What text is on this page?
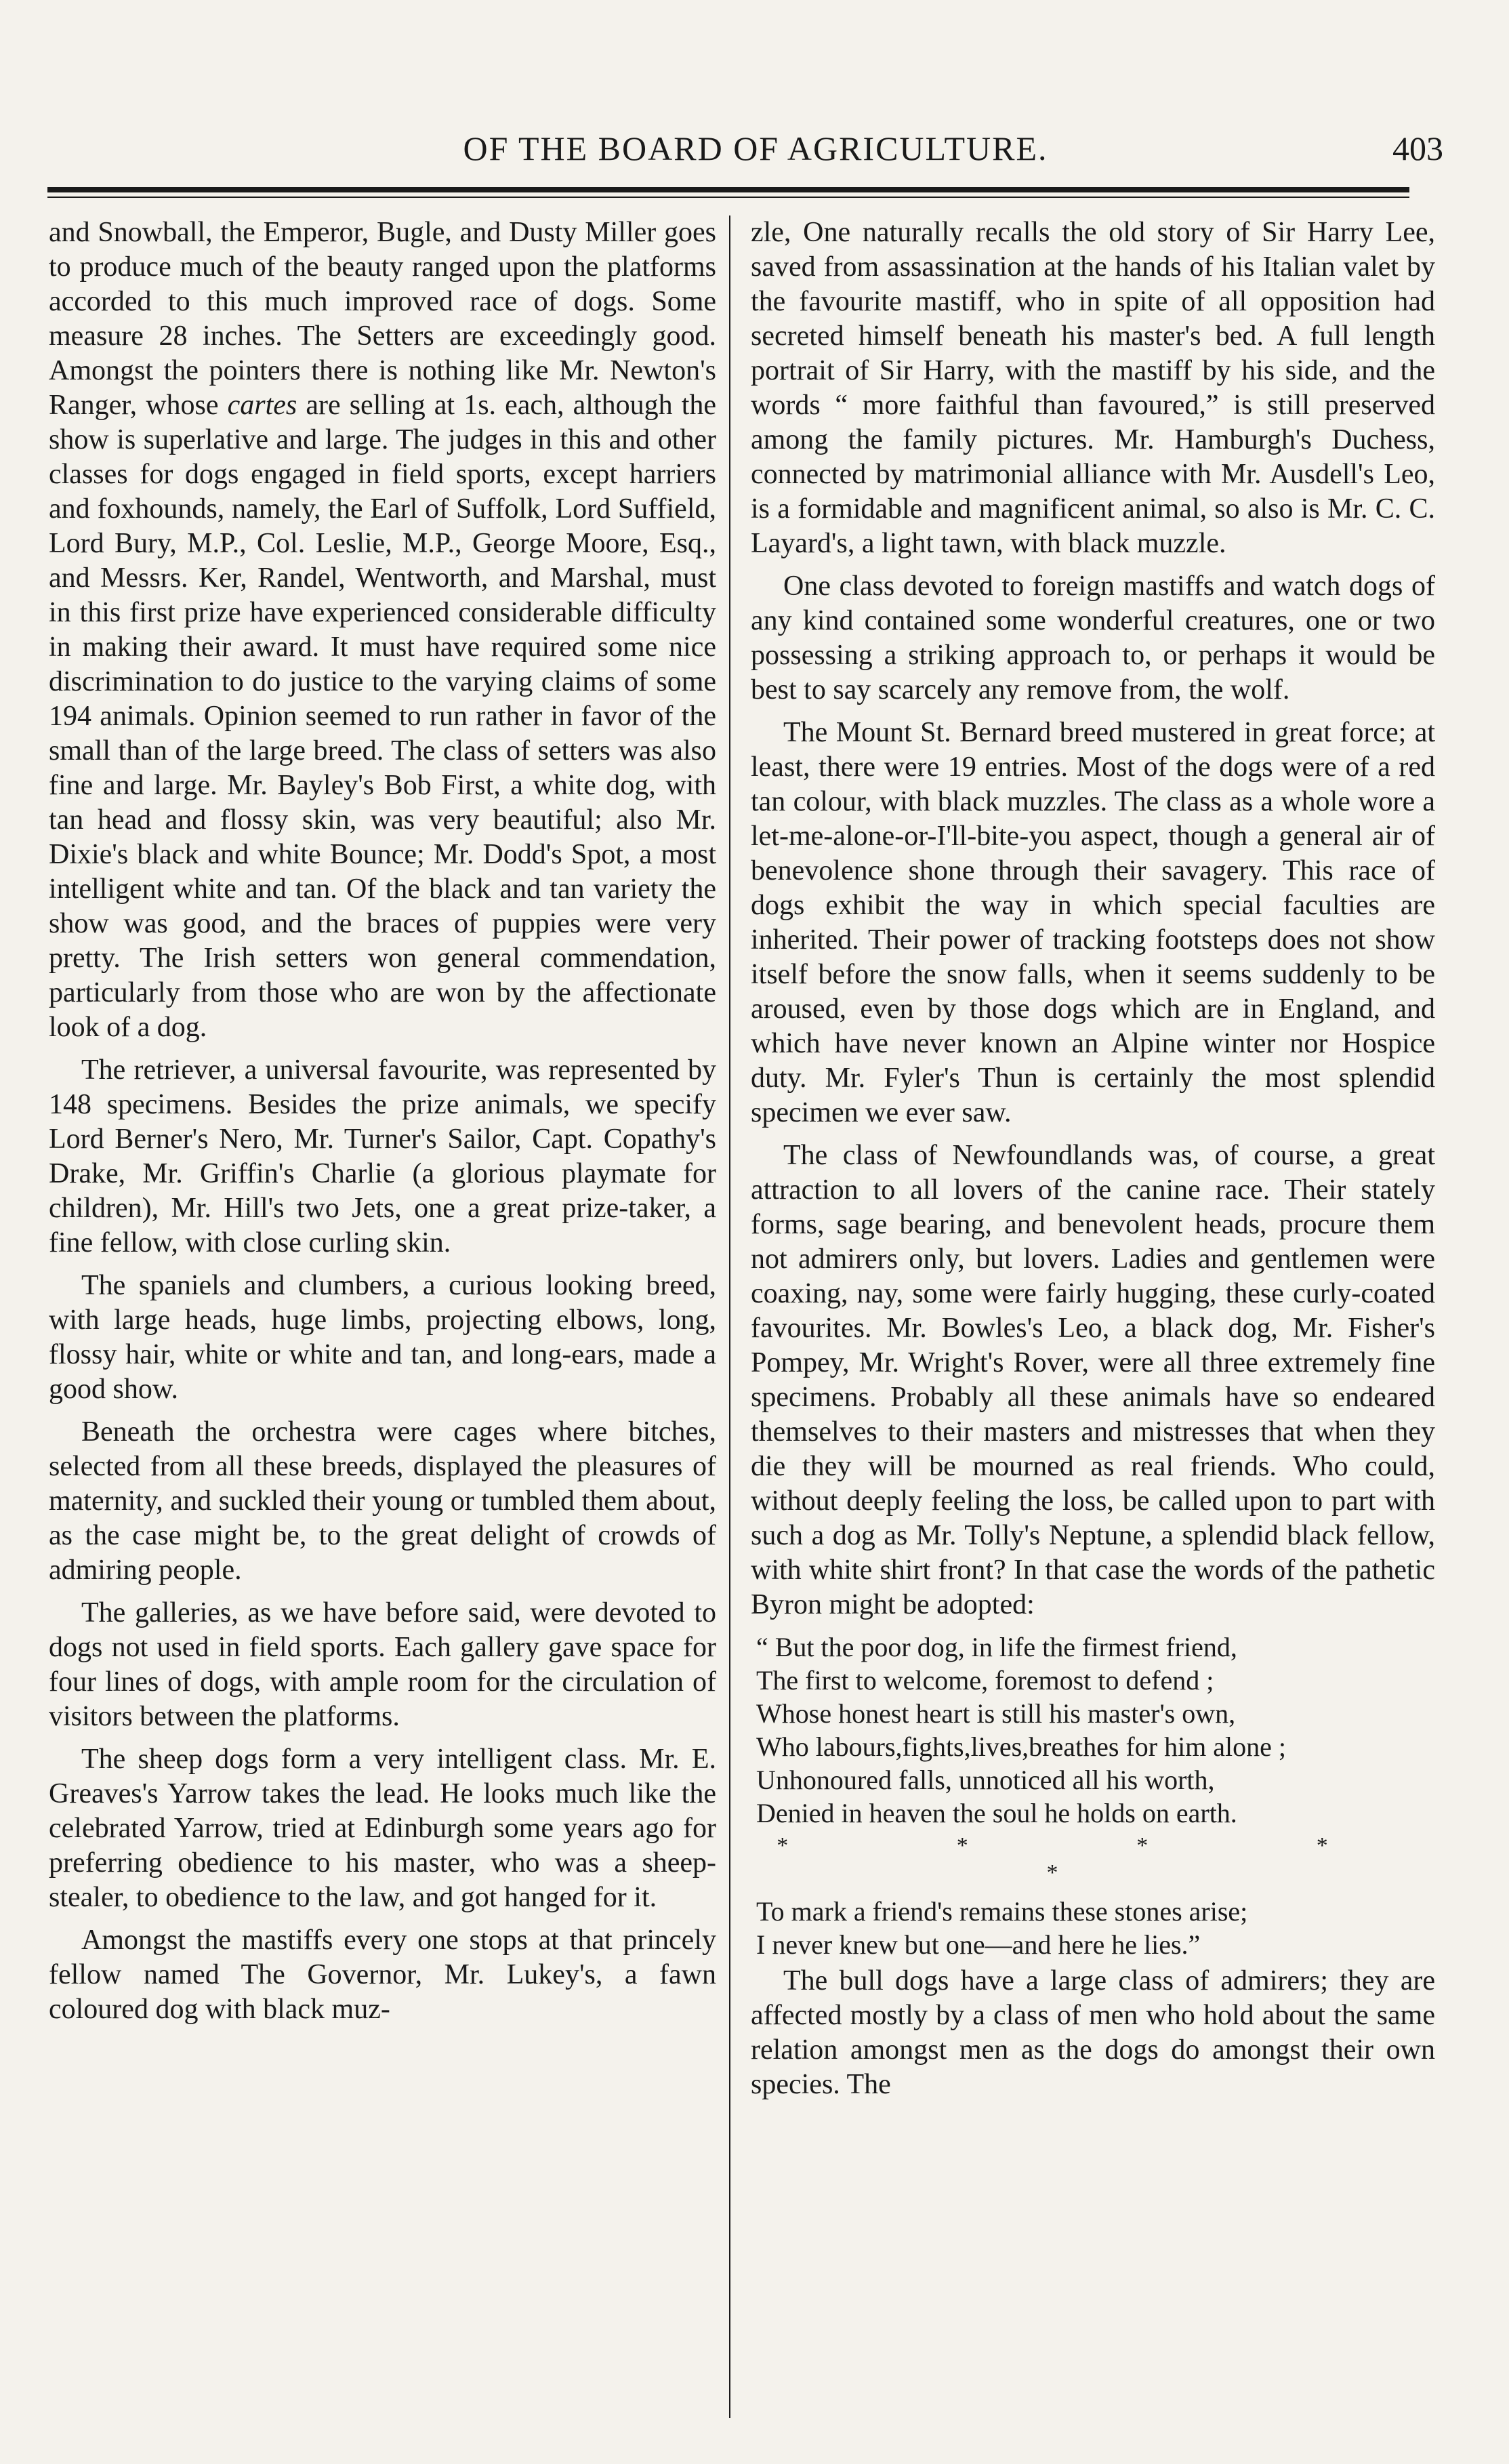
OF THE BOARD OF AGRICULTURE.	403

and Snowball, the Emperor, Bugle, and Dusty Miller goes to produce much of the beauty ranged upon the platforms accorded to this much improved race of dogs. Some measure 28 inches. The Setters are exceedingly good. Amongst the pointers there is nothing like Mr. Newton's Ranger, whose cartes are selling at 1s. each, although the show is superlative and large. The judges in this and other classes for dogs engaged in field sports, except harriers and foxhounds, namely, the Earl of Suffolk, Lord Suffield, Lord Bury, M.P., Col. Leslie, M.P., George Moore, Esq., and Messrs. Ker, Randel, Wentworth, and Marshal, must in this first prize have experienced considerable difficulty in making their award. It must have required some nice discrimination to do justice to the varying claims of some 194 animals. Opinion seemed to run rather in favor of the small than of the large breed. The class of setters was also fine and large. Mr. Bayley's Bob First, a white dog, with tan head and flossy skin, was very beautiful; also Mr. Dixie's black and white Bounce; Mr. Dodd's Spot, a most intelligent white and tan. Of the black and tan variety the show was good, and the braces of puppies were very pretty. The Irish setters won general commendation, particularly from those who are won by the affectionate look of a dog.

The retriever, a universal favourite, was represented by 148 specimens. Besides the prize animals, we specify Lord Berner's Nero, Mr. Turner's Sailor, Capt. Copathy's Drake, Mr. Griffin's Charlie (a glorious playmate for children), Mr. Hill's two Jets, one a great prize-taker, a fine fellow, with close curling skin.

The spaniels and clumbers, a curious looking breed, with large heads, huge limbs, projecting elbows, long, flossy hair, white or white and tan, and long-ears, made a good show.

Beneath the orchestra were cages where bitches, selected from all these breeds, displayed the pleasures of maternity, and suckled their young or tumbled them about, as the case might be, to the great delight of crowds of admiring people.

The galleries, as we have before said, were devoted to dogs not used in field sports. Each gallery gave space for four lines of dogs, with ample room for the circulation of visitors between the platforms.

The sheep dogs form a very intelligent class. Mr. E. Greaves's Yarrow takes the lead. He looks much like the celebrated Yarrow, tried at Edinburgh some years ago for preferring obedience to his master, who was a sheep-stealer, to obedience to the law, and got hanged for it.

Amongst the mastiffs every one stops at that princely fellow named The Governor, Mr. Lukey's, a fawn coloured dog with black muz-

zle, One naturally recalls the old story of Sir Harry Lee, saved from assassination at the hands of his Italian valet by the favourite mastiff, who in spite of all opposition had secreted himself beneath his master's bed. A full length portrait of Sir Harry, with the mastiff by his side, and the words “ more faithful than favoured,” is still preserved among the family pictures. Mr. Hamburgh's Duchess, connected by matrimonial alliance with Mr. Ausdell's Leo, is a formidable and magnificent animal, so also is Mr. C. C. Layard's, a light tawn, with black muzzle.

One class devoted to foreign mastiffs and watch dogs of any kind contained some wonderful creatures, one or two possessing a striking approach to, or perhaps it would be best to say scarcely any remove from, the wolf.

The Mount St. Bernard breed mustered in great force; at least, there were 19 entries. Most of the dogs were of a red tan colour, with black muzzles. The class as a whole wore a let-me-alone-or-I'll-bite-you aspect, though a general air of benevolence shone through their savagery. This race of dogs exhibit the way in which special faculties are inherited. Their power of tracking footsteps does not show itself before the snow falls, when it seems suddenly to be aroused, even by those dogs which are in England, and which have never known an Alpine winter nor Hospice duty. Mr. Fyler's Thun is certainly the most splendid specimen we ever saw.

The class of Newfoundlands was, of course, a great attraction to all lovers of the canine race. Their stately forms, sage bearing, and benevolent heads, procure them not admirers only, but lovers. Ladies and gentlemen were coaxing, nay, some were fairly hugging, these curly-coated favourites. Mr. Bowles's Leo, a black dog, Mr. Fisher's Pompey, Mr. Wright's Rover, were all three extremely fine specimens. Probably all these animals have so endeared themselves to their masters and mistresses that when they die they will be mourned as real friends. Who could, without deeply feeling the loss, be called upon to part with such a dog as Mr. Tolly's Neptune, a splendid black fellow, with white shirt front? In that case the words of the pathetic Byron might be adopted:

“ But the poor dog, in life the firmest friend,
The first to welcome, foremost to defend ;
Whose honest heart is still his master's own,
Who labours,fights,lives,breathes for him alone ;
Unhonoured falls, unnoticed all his worth,
Denied in heaven the soul he holds on earth.
* * * * *
To mark a friend's remains these stones arise;
I never knew but one—and here he lies.”

The bull dogs have a large class of admirers; they are affected mostly by a class of men who hold about the same relation amongst men as the dogs do amongst their own species. The
